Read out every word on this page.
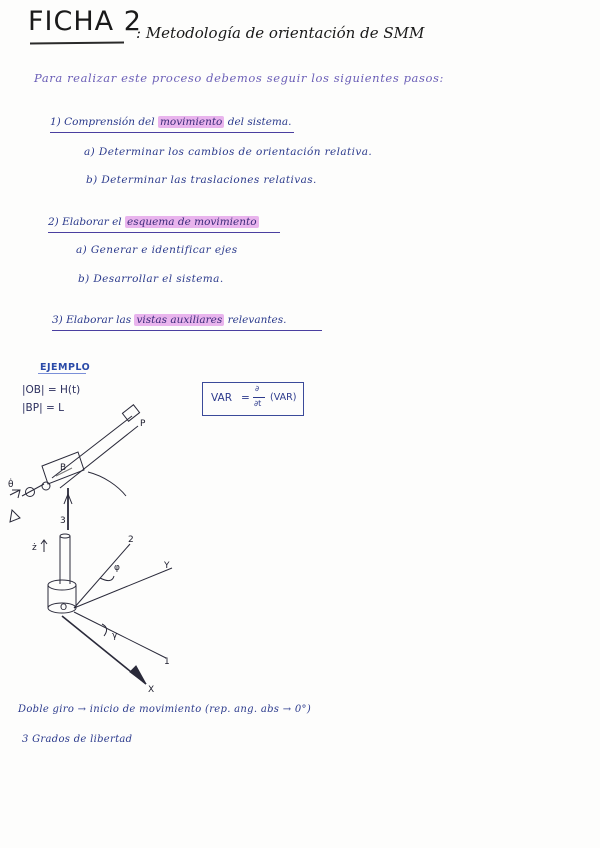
FICHA 2
: Metodología de orientación de SMM
Para realizar este proceso debemos seguir los siguientes pasos:
1) Comprensión del movimiento del sistema.
a) Determinar los cambios de orientación relativa.
b) Determinar las traslaciones relativas.
2) Elaborar el esquema de movimiento
a) Generar e identificar ejes
b) Desarrollar el sistema.
3) Elaborar las vistas auxiliares relevantes.
EJEMPLO
|OB| = H(t)
|BP| = L
VAR =
∂
∂t
(VAR)
P
B
θ̇
3
ż
2
φ	Y
O
γ
1
X
Doble giro → inicio de movimiento (rep. ang. abs → 0°)
3 Grados de libertad
